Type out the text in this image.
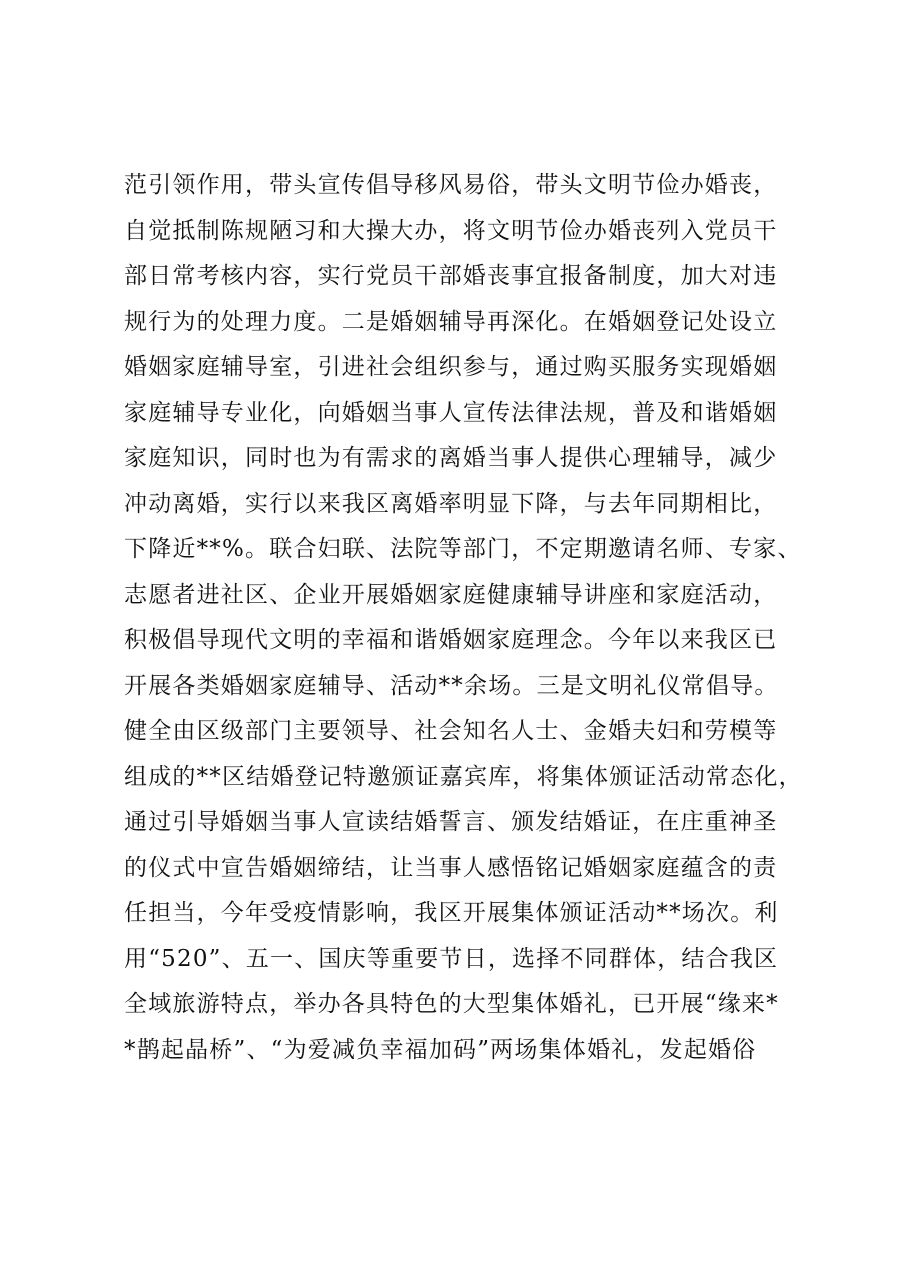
范引领作用，带头宣传倡导移风易俗，带头文明节俭办婚丧，
自觉抵制陈规陋习和大操大办，将文明节俭办婚丧列入党员干
部日常考核内容，实行党员干部婚丧事宜报备制度，加大对违
规行为的处理力度。二是婚姻辅导再深化。在婚姻登记处设立
婚姻家庭辅导室，引进社会组织参与，通过购买服务实现婚姻
家庭辅导专业化，向婚姻当事人宣传法律法规，普及和谐婚姻
家庭知识，同时也为有需求的离婚当事人提供心理辅导，减少
冲动离婚，实行以来我区离婚率明显下降，与去年同期相比，
下降近**%。联合妇联、法院等部门，不定期邀请名师、专家、
志愿者进社区、企业开展婚姻家庭健康辅导讲座和家庭活动，
积极倡导现代文明的幸福和谐婚姻家庭理念。今年以来我区已
开展各类婚姻家庭辅导、活动**余场。三是文明礼仪常倡导。
健全由区级部门主要领导、社会知名人士、金婚夫妇和劳模等
组成的**区结婚登记特邀颁证嘉宾库，将集体颁证活动常态化，
通过引导婚姻当事人宣读结婚誓言、颁发结婚证，在庄重神圣
的仪式中宣告婚姻缔结，让当事人感悟铭记婚姻家庭蕴含的责
任担当，今年受疫情影响，我区开展集体颁证活动**场次。利
用“520”、五一、国庆等重要节日，选择不同群体，结合我区
全域旅游特点，举办各具特色的大型集体婚礼，已开展“缘来*
*鹊起晶桥”、“为爱减负幸福加码”两场集体婚礼，发起婚俗
